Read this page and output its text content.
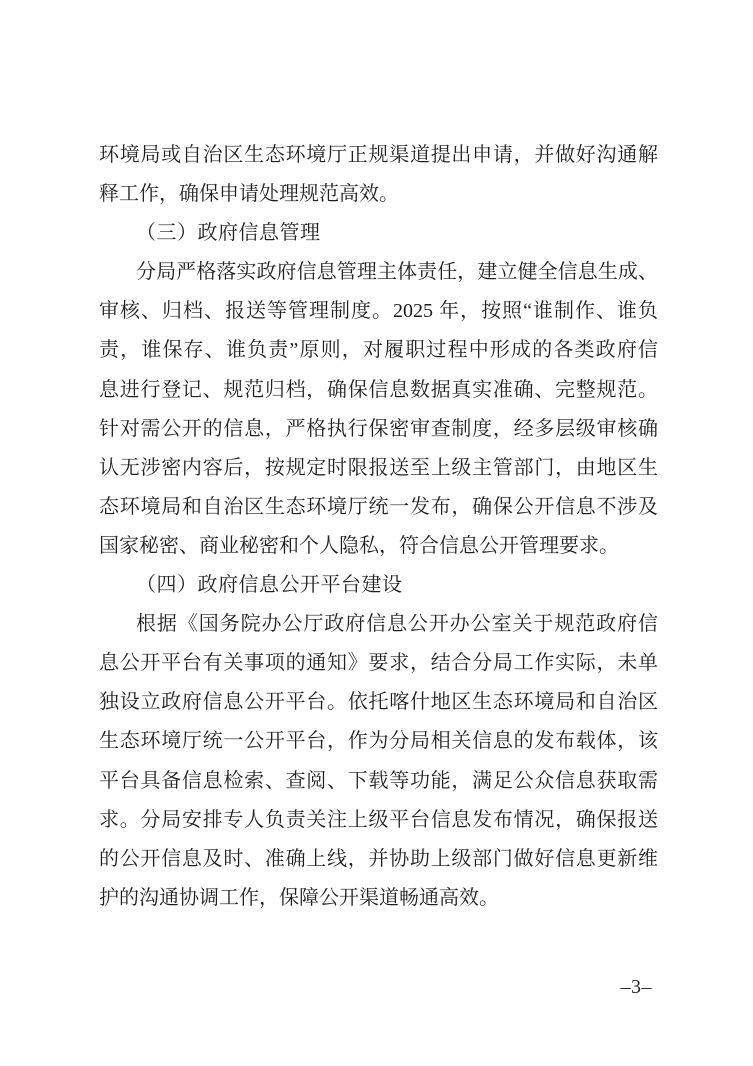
环境局或自治区生态环境厅正规渠道提出申请，并做好沟通解
释工作，确保申请处理规范高效。
（三）政府信息管理
分局严格落实政府信息管理主体责任，建立健全信息生成、
审核、归档、报送等管理制度。2025 年，按照“谁制作、谁负
责，谁保存、谁负责”原则，对履职过程中形成的各类政府信
息进行登记、规范归档，确保信息数据真实准确、完整规范。
针对需公开的信息，严格执行保密审查制度，经多层级审核确
认无涉密内容后，按规定时限报送至上级主管部门，由地区生
态环境局和自治区生态环境厅统一发布，确保公开信息不涉及
国家秘密、商业秘密和个人隐私，符合信息公开管理要求。
（四）政府信息公开平台建设
根据《国务院办公厅政府信息公开办公室关于规范政府信
息公开平台有关事项的通知》要求，结合分局工作实际，未单
独设立政府信息公开平台。依托喀什地区生态环境局和自治区
生态环境厅统一公开平台，作为分局相关信息的发布载体，该
平台具备信息检索、查阅、下载等功能，满足公众信息获取需
求。分局安排专人负责关注上级平台信息发布情况，确保报送
的公开信息及时、准确上线，并协助上级部门做好信息更新维
护的沟通协调工作，保障公开渠道畅通高效。
–3–
